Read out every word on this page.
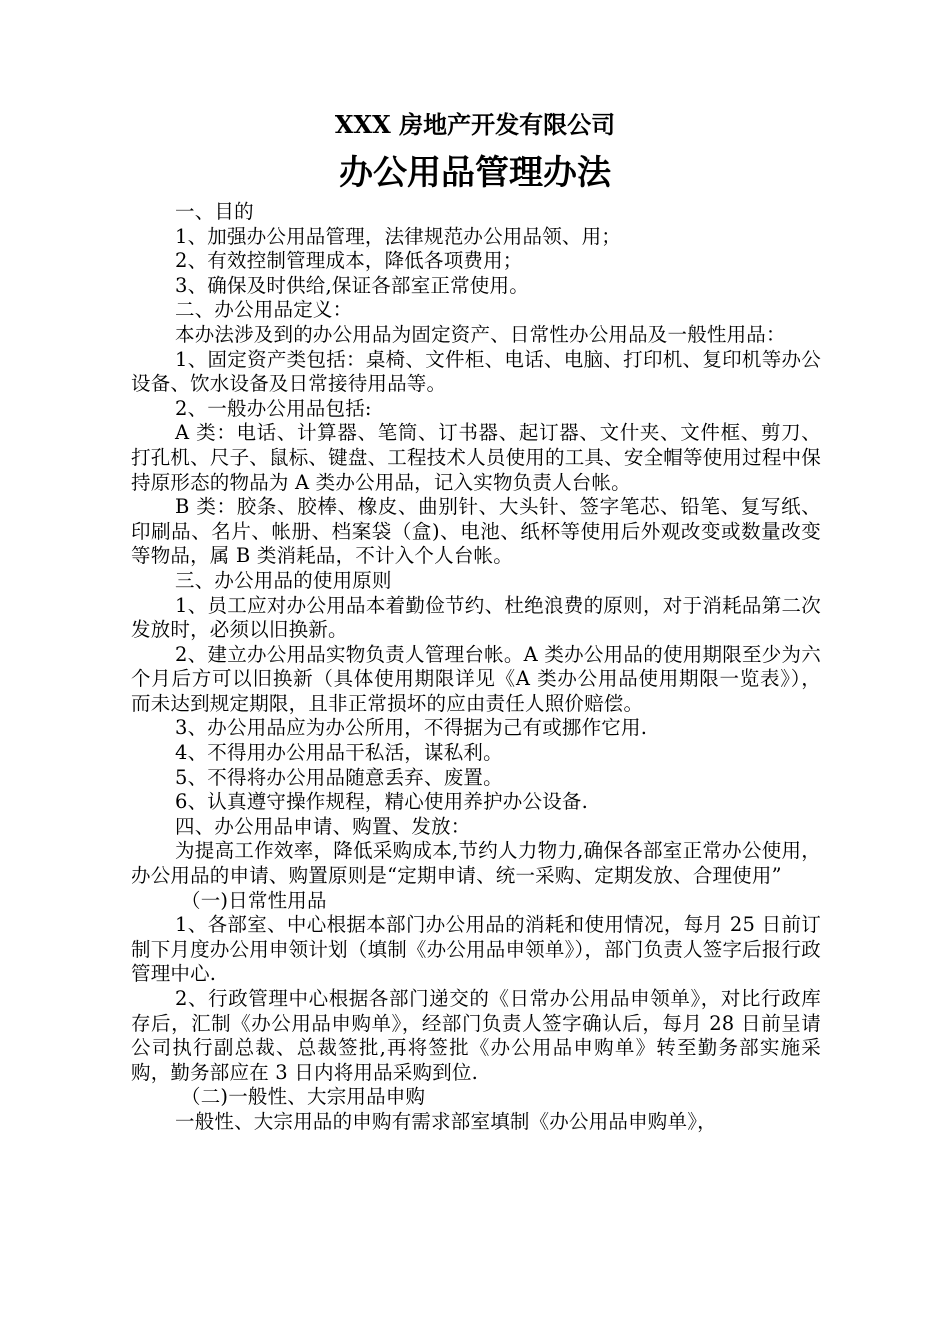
XXX 房地产开发有限公司
办公用品管理办法

一、目的

1、加强办公用品管理，法律规范办公用品领、用；

2、有效控制管理成本，降低各项费用；

3、确保及时供给,保证各部室正常使用。

二、办公用品定义：

本办法涉及到的办公用品为固定资产、日常性办公用品及一般性用品：

1、固定资产类包括：桌椅、文件柜、电话、电脑、打印机、复印机等办公设备、饮水设备及日常接待用品等。

2、一般办公用品包括:

A 类：电话、计算器、笔筒、订书器、起订器、文什夹、文件框、剪刀、打孔机、尺子、鼠标、键盘、工程技术人员使用的工具、安全帽等使用过程中保持原形态的物品为 A 类办公用品，记入实物负责人台帐。

B 类：胶条、胶棒、橡皮、曲别针、大头针、签字笔芯、铅笔、复写纸、印刷品、名片、帐册、档案袋（盒)、电池、纸杯等使用后外观改变或数量改变等物品，属 B 类消耗品，不计入个人台帐。

三、办公用品的使用原则

1、员工应对办公用品本着勤俭节约、杜绝浪费的原则，对于消耗品第二次发放时，必须以旧换新。

2、建立办公用品实物负责人管理台帐。A 类办公用品的使用期限至少为六个月后方可以旧换新（具体使用期限详见《A 类办公用品使用期限一览表》），而未达到规定期限，且非正常损坏的应由责任人照价赔偿。

3、办公用品应为办公所用，不得据为己有或挪作它用.

4、不得用办公用品干私活，谋私利。

5、不得将办公用品随意丢弃、废置。

6、认真遵守操作规程，精心使用养护办公设备.

四、办公用品申请、购置、发放：

为提高工作效率，降低采购成本,节约人力物力,确保各部室正常办公使用，办公用品的申请、购置原则是“定期申请、统一采购、定期发放、合理使用”

（一)日常性用品

1、各部室、中心根据本部门办公用品的消耗和使用情况，每月 25 日前订制下月度办公用申领计划（填制《办公用品申领单》），部门负责人签字后报行政管理中心.

2、行政管理中心根据各部门递交的《日常办公用品申领单》，对比行政库存后，汇制《办公用品申购单》，经部门负责人签字确认后，每月 28 日前呈请公司执行副总裁、总裁签批,再将签批《办公用品申购单》转至勤务部实施采购，勤务部应在 3 日内将用品采购到位.

（二)一般性、大宗用品申购

一般性、大宗用品的申购有需求部室填制《办公用品申购单》，
